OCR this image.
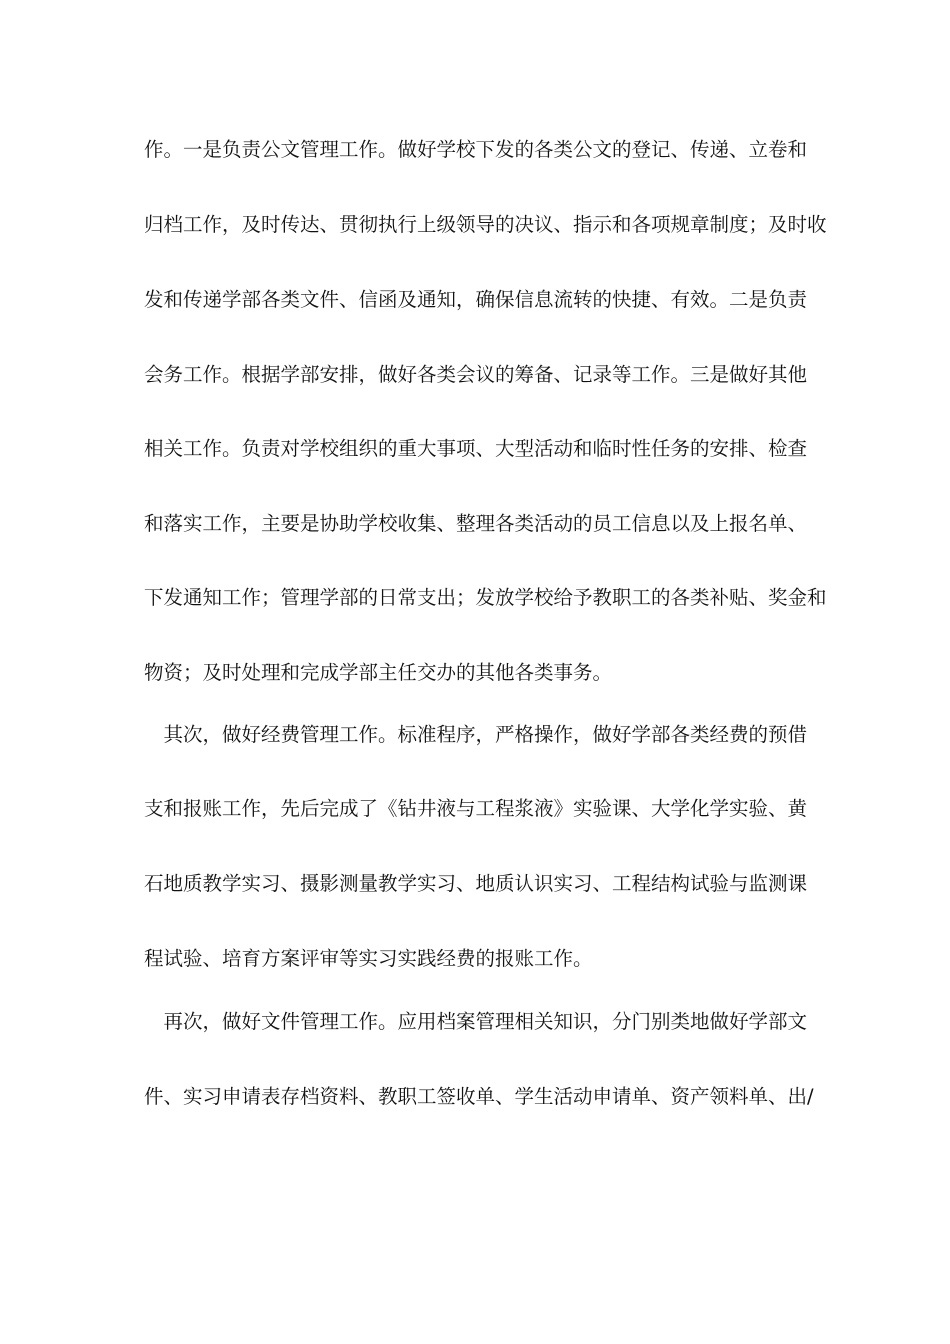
作。一是负责公文管理工作。做好学校下发的各类公文的登记、传递、立卷和
归档工作，及时传达、贯彻执行上级领导的决议、指示和各项规章制度；及时收
发和传递学部各类文件、信函及通知，确保信息流转的快捷、有效。二是负责
会务工作。根据学部安排，做好各类会议的筹备、记录等工作。三是做好其他
相关工作。负责对学校组织的重大事项、大型活动和临时性任务的安排、检查
和落实工作，主要是协助学校收集、整理各类活动的员工信息以及上报名单、
下发通知工作；管理学部的日常支出；发放学校给予教职工的各类补贴、奖金和
物资；及时处理和完成学部主任交办的其他各类事务。
　其次，做好经费管理工作。标准程序，严格操作，做好学部各类经费的预借
支和报账工作，先后完成了《钻井液与工程浆液》实验课、大学化学实验、黄
石地质教学实习、摄影测量教学实习、地质认识实习、工程结构试验与监测课
程试验、培育方案评审等实习实践经费的报账工作。
　再次，做好文件管理工作。应用档案管理相关知识，分门别类地做好学部文
件、实习申请表存档资料、教职工签收单、学生活动申请单、资产领料单、出/
